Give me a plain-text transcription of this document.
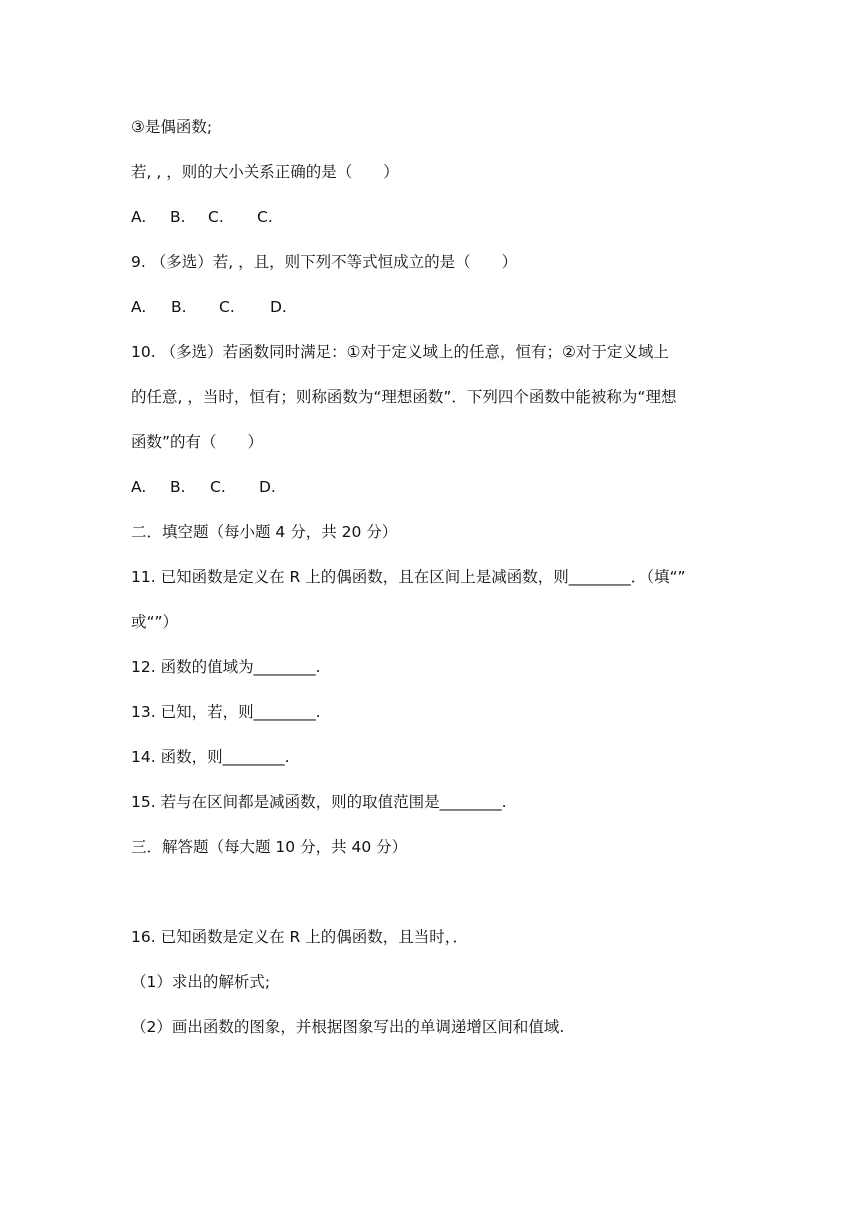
③是偶函数;
若, , ，则的大小关系正确的是（　　）
A.	B.	C.	C.
9. （多选）若, ，且，则下列不等式恒成立的是（　　）
A.	B.	C.	D.
10. （多选）若函数同时满足：①对于定义域上的任意，恒有；②对于定义域上
的任意, ，当时，恒有；则称函数为“理想函数”．下列四个函数中能被称为“理想
函数”的有（　　）
A.	B.	C.	D.
二．填空题（每小题 4 分，共 20 分）
11. 已知函数是定义在 R 上的偶函数，且在区间上是减函数，则________．（填“”
或“”）
12. 函数的值域为________.
13. 已知，若，则________.
14. 函数，则________.
15. 若与在区间都是减函数，则的取值范围是________.
三．解答题（每大题 10 分，共 40 分）
16. 已知函数是定义在 R 上的偶函数，且当时，．
（1）求出的解析式;
（2）画出函数的图象，并根据图象写出的单调递增区间和值域.
